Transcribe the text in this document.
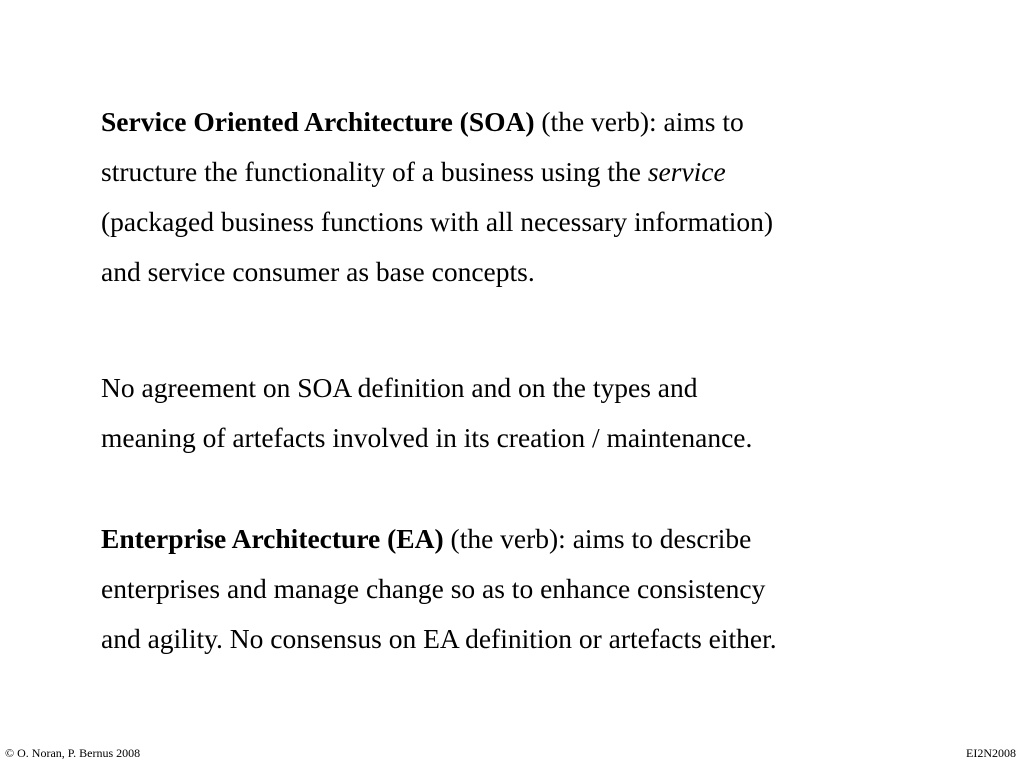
Service Oriented Architecture (SOA) (the verb): aims to
structure the functionality of a business using the service
(packaged business functions with all necessary information)
and service consumer as base concepts.

No agreement on SOA definition and on the types and
meaning of artefacts involved in its creation / maintenance.

Enterprise Architecture (EA) (the verb): aims to describe
enterprises and manage change so as to enhance consistency
and agility. No consensus on EA definition or artefacts either.

© O. Noran, P. Bernus 2008	EI2N2008
